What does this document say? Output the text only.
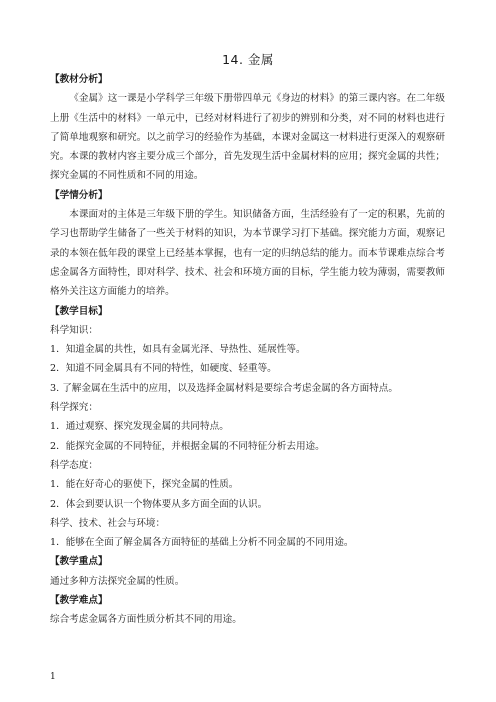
14. 金属

【教材分析】

《金属》这一课是小学科学三年级下册带四单元《身边的材料》的第三课内容。在二年级上册《生活中的材料》一单元中，已经对材料进行了初步的辨别和分类，对不同的材料也进行了简单地观察和研究。以之前学习的经验作为基础，本课对金属这一材料进行更深入的观察研究。本课的教材内容主要分成三个部分，首先发现生活中金属材料的应用；探究金属的共性；探究金属的不同性质和不同的用途。

【学情分析】

本课面对的主体是三年级下册的学生。知识储备方面，生活经验有了一定的积累，先前的学习也帮助学生储备了一些关于材料的知识，为本节课学习打下基础。探究能力方面，观察记录的本领在低年段的课堂上已经基本掌握，也有一定的归纳总结的能力。而本节课难点综合考虑金属各方面特性，即对科学、技术、社会和环境方面的目标，学生能力较为薄弱，需要教师格外关注这方面能力的培养。

【教学目标】

科学知识：

1．知道金属的共性，如具有金属光泽、导热性、延展性等。

2．知道不同金属具有不同的特性，如硬度、轻重等。

3. 了解金属在生活中的应用，以及选择金属材料是要综合考虑金属的各方面特点。

科学探究：

1．通过观察、探究发现金属的共同特点。

2．能探究金属的不同特征，并根据金属的不同特征分析去用途。

科学态度：

1．能在好奇心的驱使下，探究金属的性质。

2．体会到要认识一个物体要从多方面全面的认识。

科学、技术、社会与环境：

1．能够在全面了解金属各方面特征的基础上分析不同金属的不同用途。

【教学重点】

通过多种方法探究金属的性质。

【教学难点】

综合考虑金属各方面性质分析其不同的用途。

1
